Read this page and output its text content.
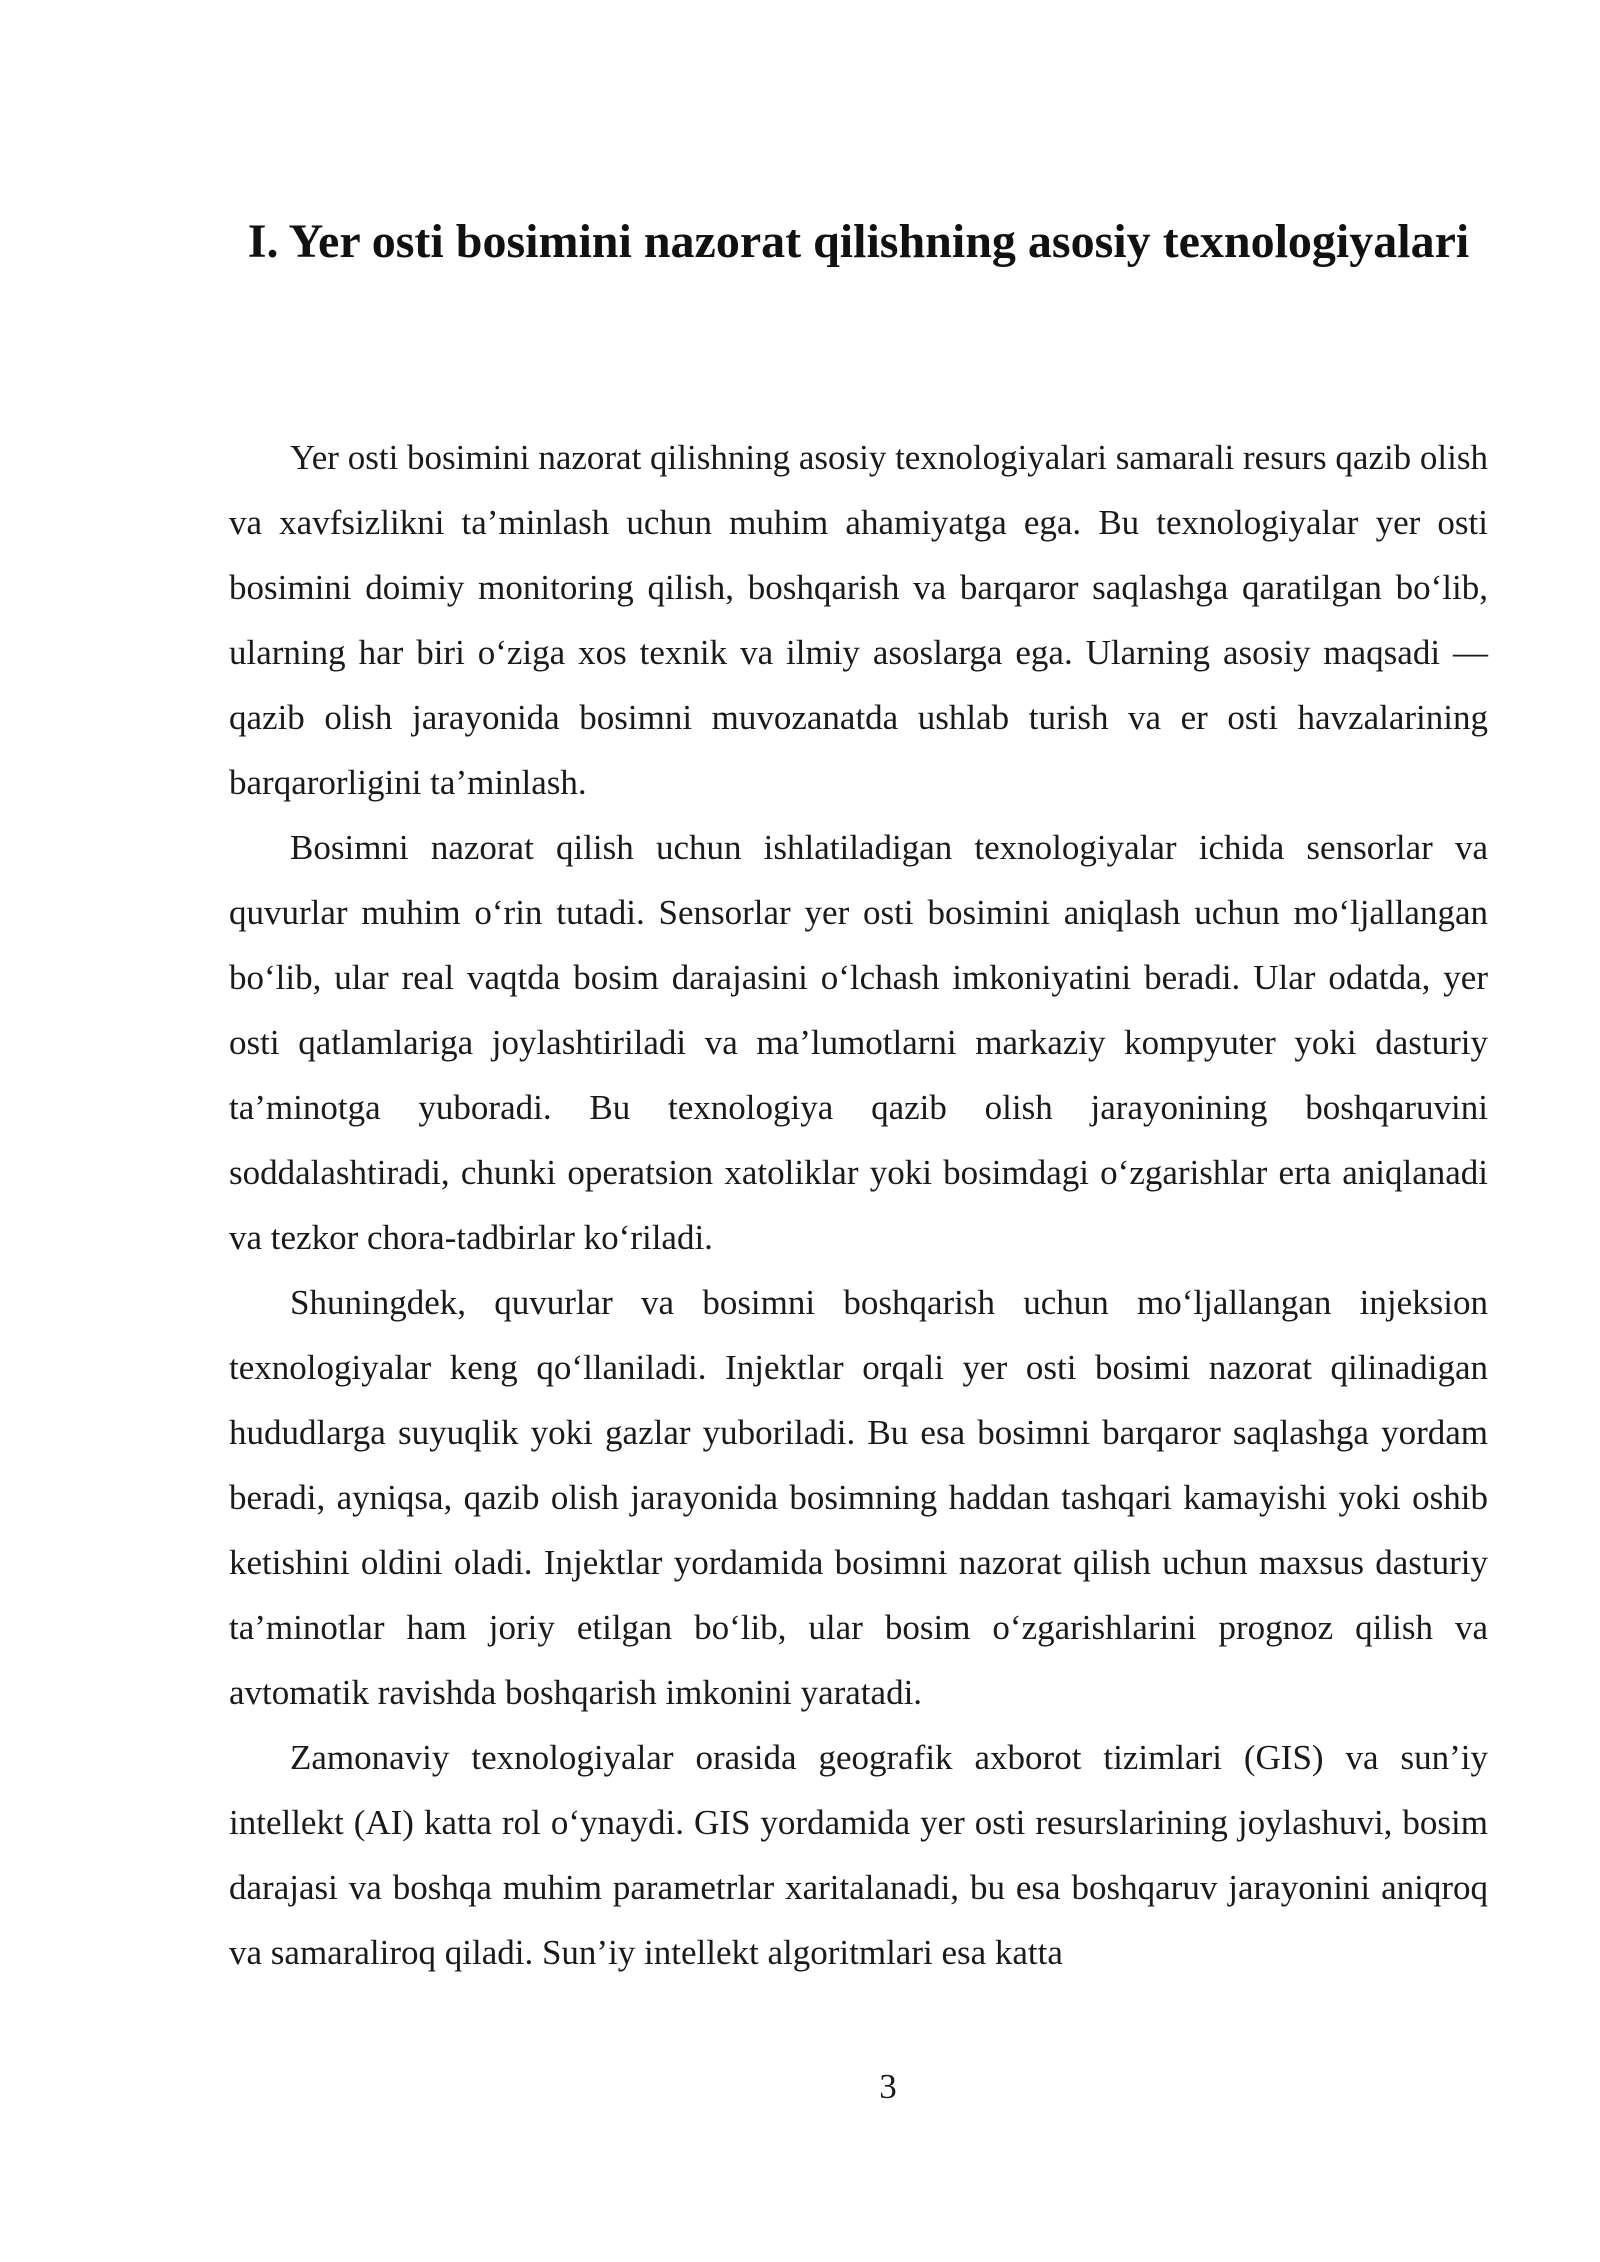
I. Yer osti bosimini nazorat qilishning asosiy texnologiyalari

Yer osti bosimini nazorat qilishning asosiy texnologiyalari samarali resurs qazib olish va xavfsizlikni ta’minlash uchun muhim ahamiyatga ega. Bu texnologiyalar yer osti bosimini doimiy monitoring qilish, boshqarish va barqaror saqlashga qaratilgan bo‘lib, ularning har biri o‘ziga xos texnik va ilmiy asoslarga ega. Ularning asosiy maqsadi — qazib olish jarayonida bosimni muvozanatda ushlab turish va er osti havzalarining barqarorligini ta’minlash.

Bosimni nazorat qilish uchun ishlatiladigan texnologiyalar ichida sensorlar va quvurlar muhim o‘rin tutadi. Sensorlar yer osti bosimini aniqlash uchun mo‘ljallangan bo‘lib, ular real vaqtda bosim darajasini o‘lchash imkoniyatini beradi. Ular odatda, yer osti qatlamlariga joylashtiriladi va ma’lumotlarni markaziy kompyuter yoki dasturiy ta’minotga yuboradi. Bu texnologiya qazib olish jarayonining boshqaruvini soddalashtiradi, chunki operatsion xatoliklar yoki bosimdagi o‘zgarishlar erta aniqlanadi va tezkor chora-tadbirlar ko‘riladi.

Shuningdek, quvurlar va bosimni boshqarish uchun mo‘ljallangan injeksion texnologiyalar keng qo‘llaniladi. Injektlar orqali yer osti bosimi nazorat qilinadigan hududlarga suyuqlik yoki gazlar yuboriladi. Bu esa bosimni barqaror saqlashga yordam beradi, ayniqsa, qazib olish jarayonida bosimning haddan tashqari kamayishi yoki oshib ketishini oldini oladi. Injektlar yordamida bosimni nazorat qilish uchun maxsus dasturiy ta’minotlar ham joriy etilgan bo‘lib, ular bosim o‘zgarishlarini prognoz qilish va avtomatik ravishda boshqarish imkonini yaratadi.

Zamonaviy texnologiyalar orasida geografik axborot tizimlari (GIS) va sun’iy intellekt (AI) katta rol o‘ynaydi. GIS yordamida yer osti resurslarining joylashuvi, bosim darajasi va boshqa muhim parametrlar xaritalanadi, bu esa boshqaruv jarayonini aniqroq va samaraliroq qiladi. Sun’iy intellekt algoritmlari esa katta

3
